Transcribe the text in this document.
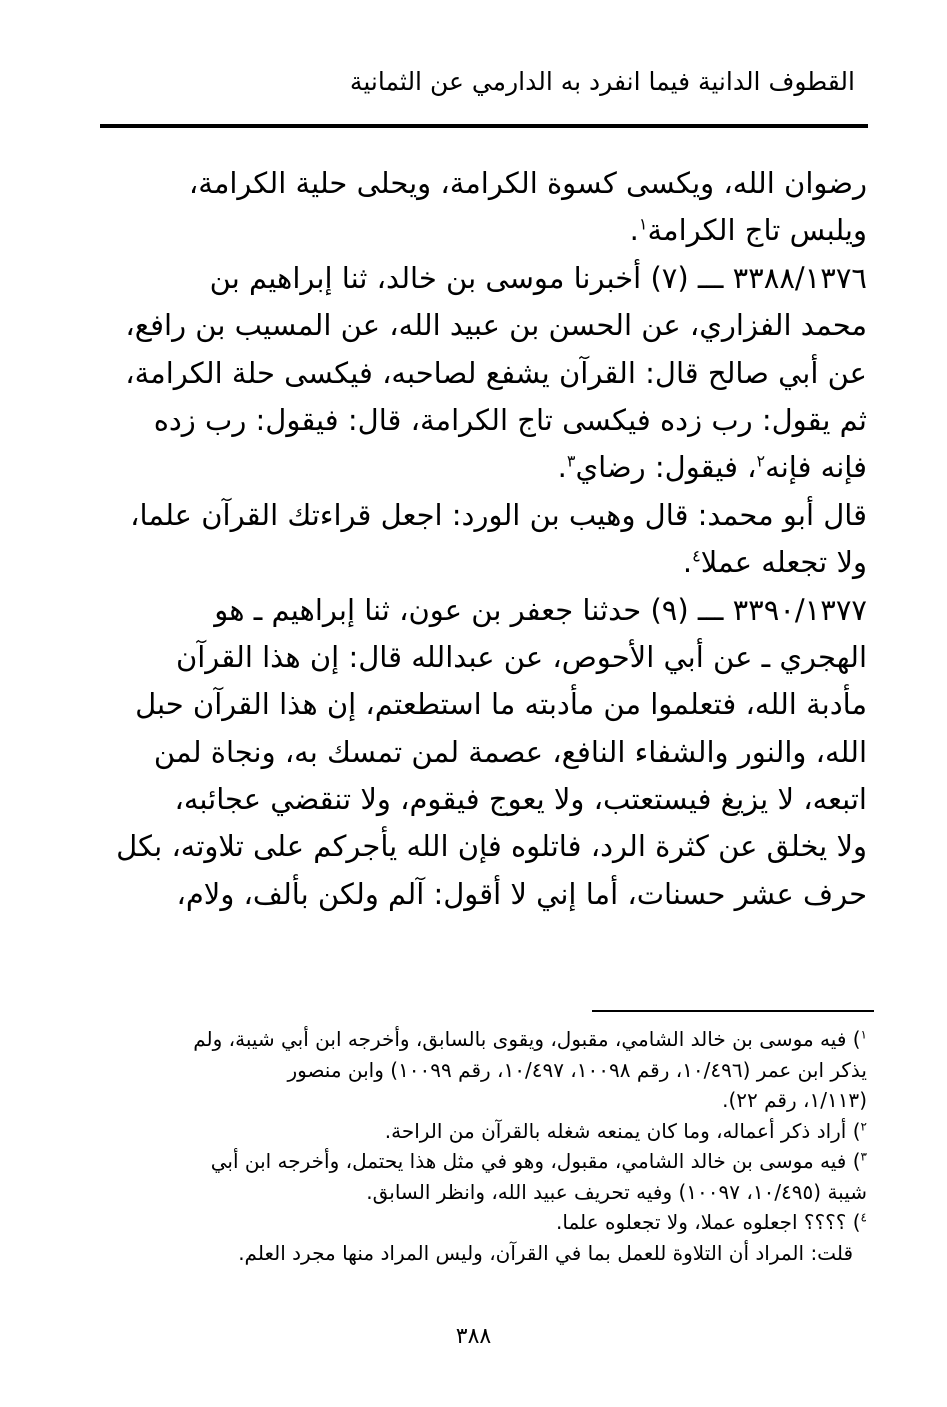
القطوف الدانية فيما انفرد به الدارمي عن الثمانية
رضوان الله، ويكسى كسوة الكرامة، ويحلى حلية الكرامة،
ويلبس تاج الكرامة$^١$.
٣٣٨٨/١٣٧٦ ـــ (٧) أخبرنا موسى بن خالد، ثنا إبراهيم بن
محمد الفزاري، عن الحسن بن عبيد الله، عن المسيب بن رافع،
عن أبي صالح قال: القرآن يشفع لصاحبه، فيكسى حلة الكرامة،
ثم يقول: رب زده فيكسى تاج الكرامة، قال: فيقول: رب زده
فإنه فإنه$^٢$، فيقول: رضاي$^٣$.
قال أبو محمد: قال وهيب بن الورد: اجعل قراءتك القرآن علما،
ولا تجعله عملا$^٤$.
٣٣٩٠/١٣٧٧ ـــ (٩) حدثنا جعفر بن عون، ثنا إبراهيم ـ هو
الهجري ـ عن أبي الأحوص، عن عبدالله قال: إن هذا القرآن
مأدبة الله، فتعلموا من مأدبته ما استطعتم، إن هذا القرآن حبل
الله، والنور والشفاء النافع، عصمة لمن تمسك به، ونجاة لمن
اتبعه، لا يزيغ فيستعتب، ولا يعوج فيقوم، ولا تنقضي عجائبه،
ولا يخلق عن كثرة الرد، فاتلوه فإن الله يأجركم على تلاوته، بكل
حرف عشر حسنات، أما إني لا أقول: آلم ولكن بألف، ولام،
$^١$) فيه موسى بن خالد الشامي، مقبول، ويقوى بالسابق، وأخرجه ابن أبي شيبة، ولم
يذكر ابن عمر (١٠/٤٩٦، رقم ١٠٠٩٨، ١٠/٤٩٧، رقم ١٠٠٩٩) وابن منصور
(١/١١٣، رقم ٢٢).
$^٢$) أراد ذكر أعماله، وما كان يمنعه شغله بالقرآن من الراحة.
$^٣$) فيه موسى بن خالد الشامي، مقبول، وهو في مثل هذا يحتمل، وأخرجه ابن أبي
شيبة (١٠/٤٩٥، ١٠٠٩٧) وفيه تحريف عبيد الله، وانظر السابق.
$^٤$) ؟؟؟؟ اجعلوه عملا، ولا تجعلوه علما.
قلت: المراد أن التلاوة للعمل بما في القرآن، وليس المراد منها مجرد العلم.
٣٨٨
